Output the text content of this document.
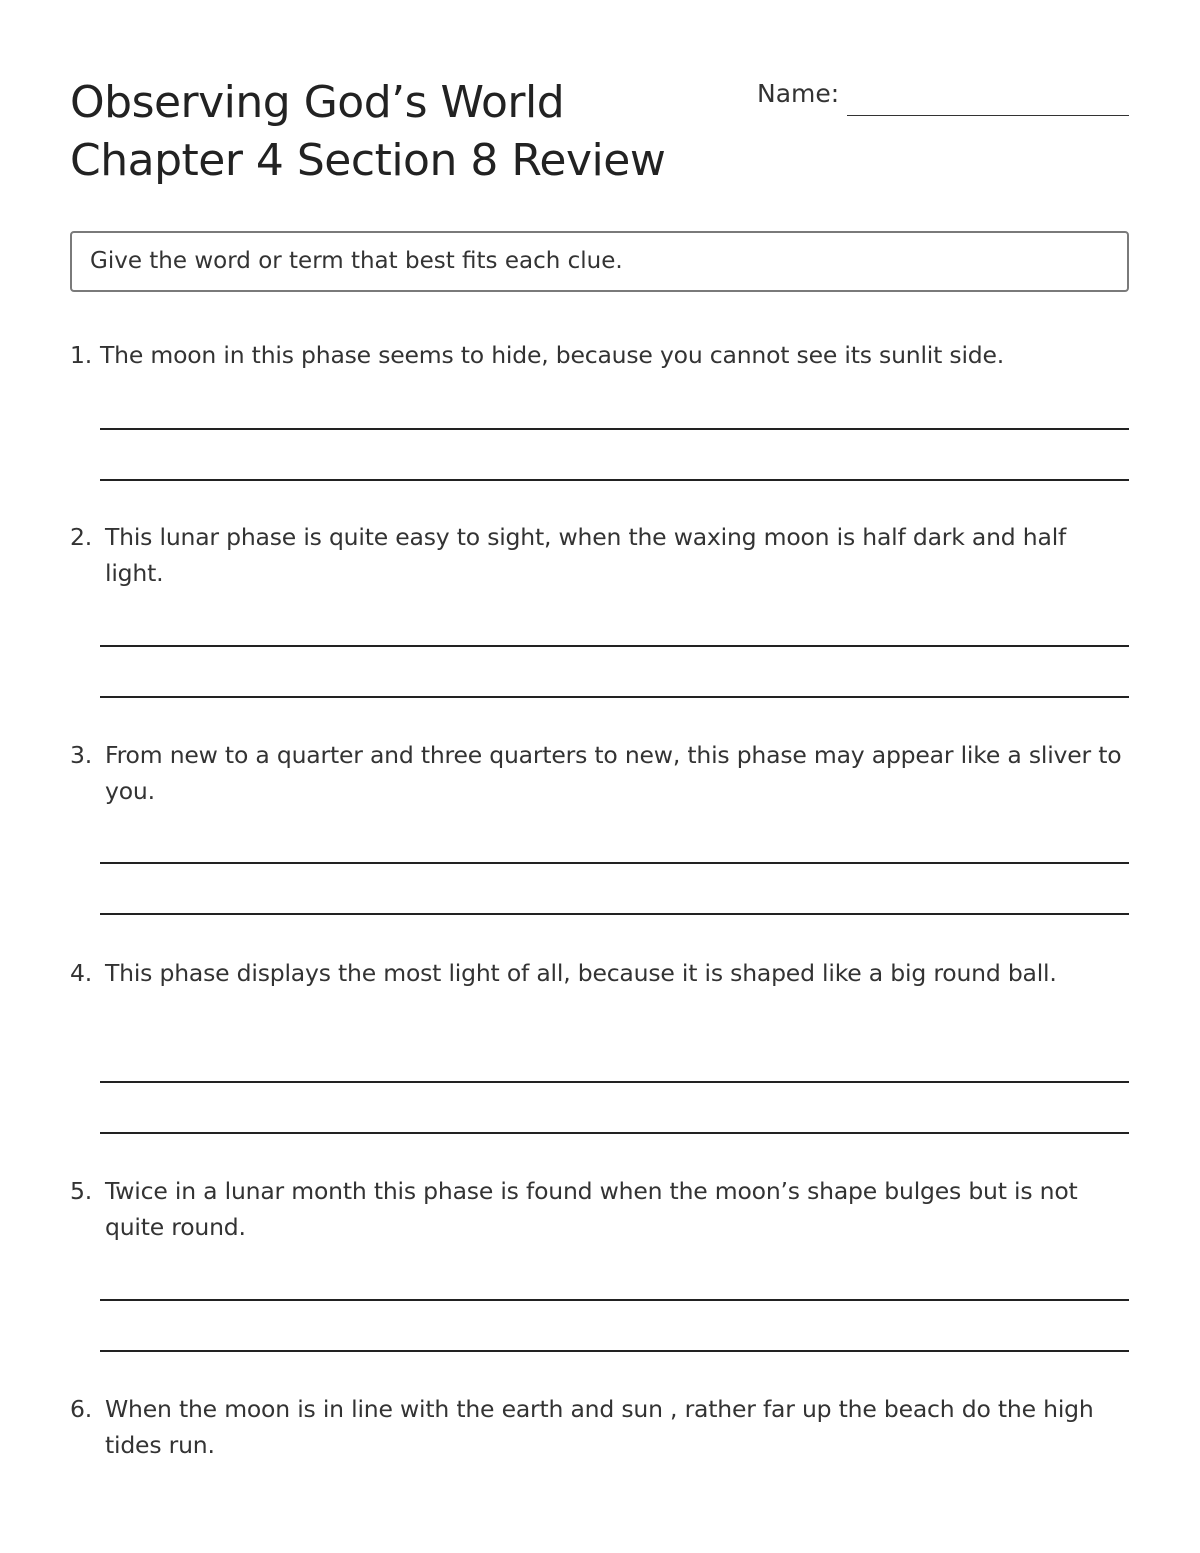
Observing God’s World
Chapter 4 Section 8 Review
Name:
Give the word or term that best fits each clue.

1. The moon in this phase seems to hide, because you cannot see its sunlit side.

2. This lunar phase is quite easy to sight, when the waxing moon is half dark and half light.

3. From new to a quarter and three quarters to new, this phase may appear like a sliver to you.

4. This phase displays the most light of all, because it is shaped like a big round ball.

5. Twice in a lunar month this phase is found when the moon’s shape bulges but is not quite round.

6. When the moon is in line with the earth and sun , rather far up the beach do the high tides run.
